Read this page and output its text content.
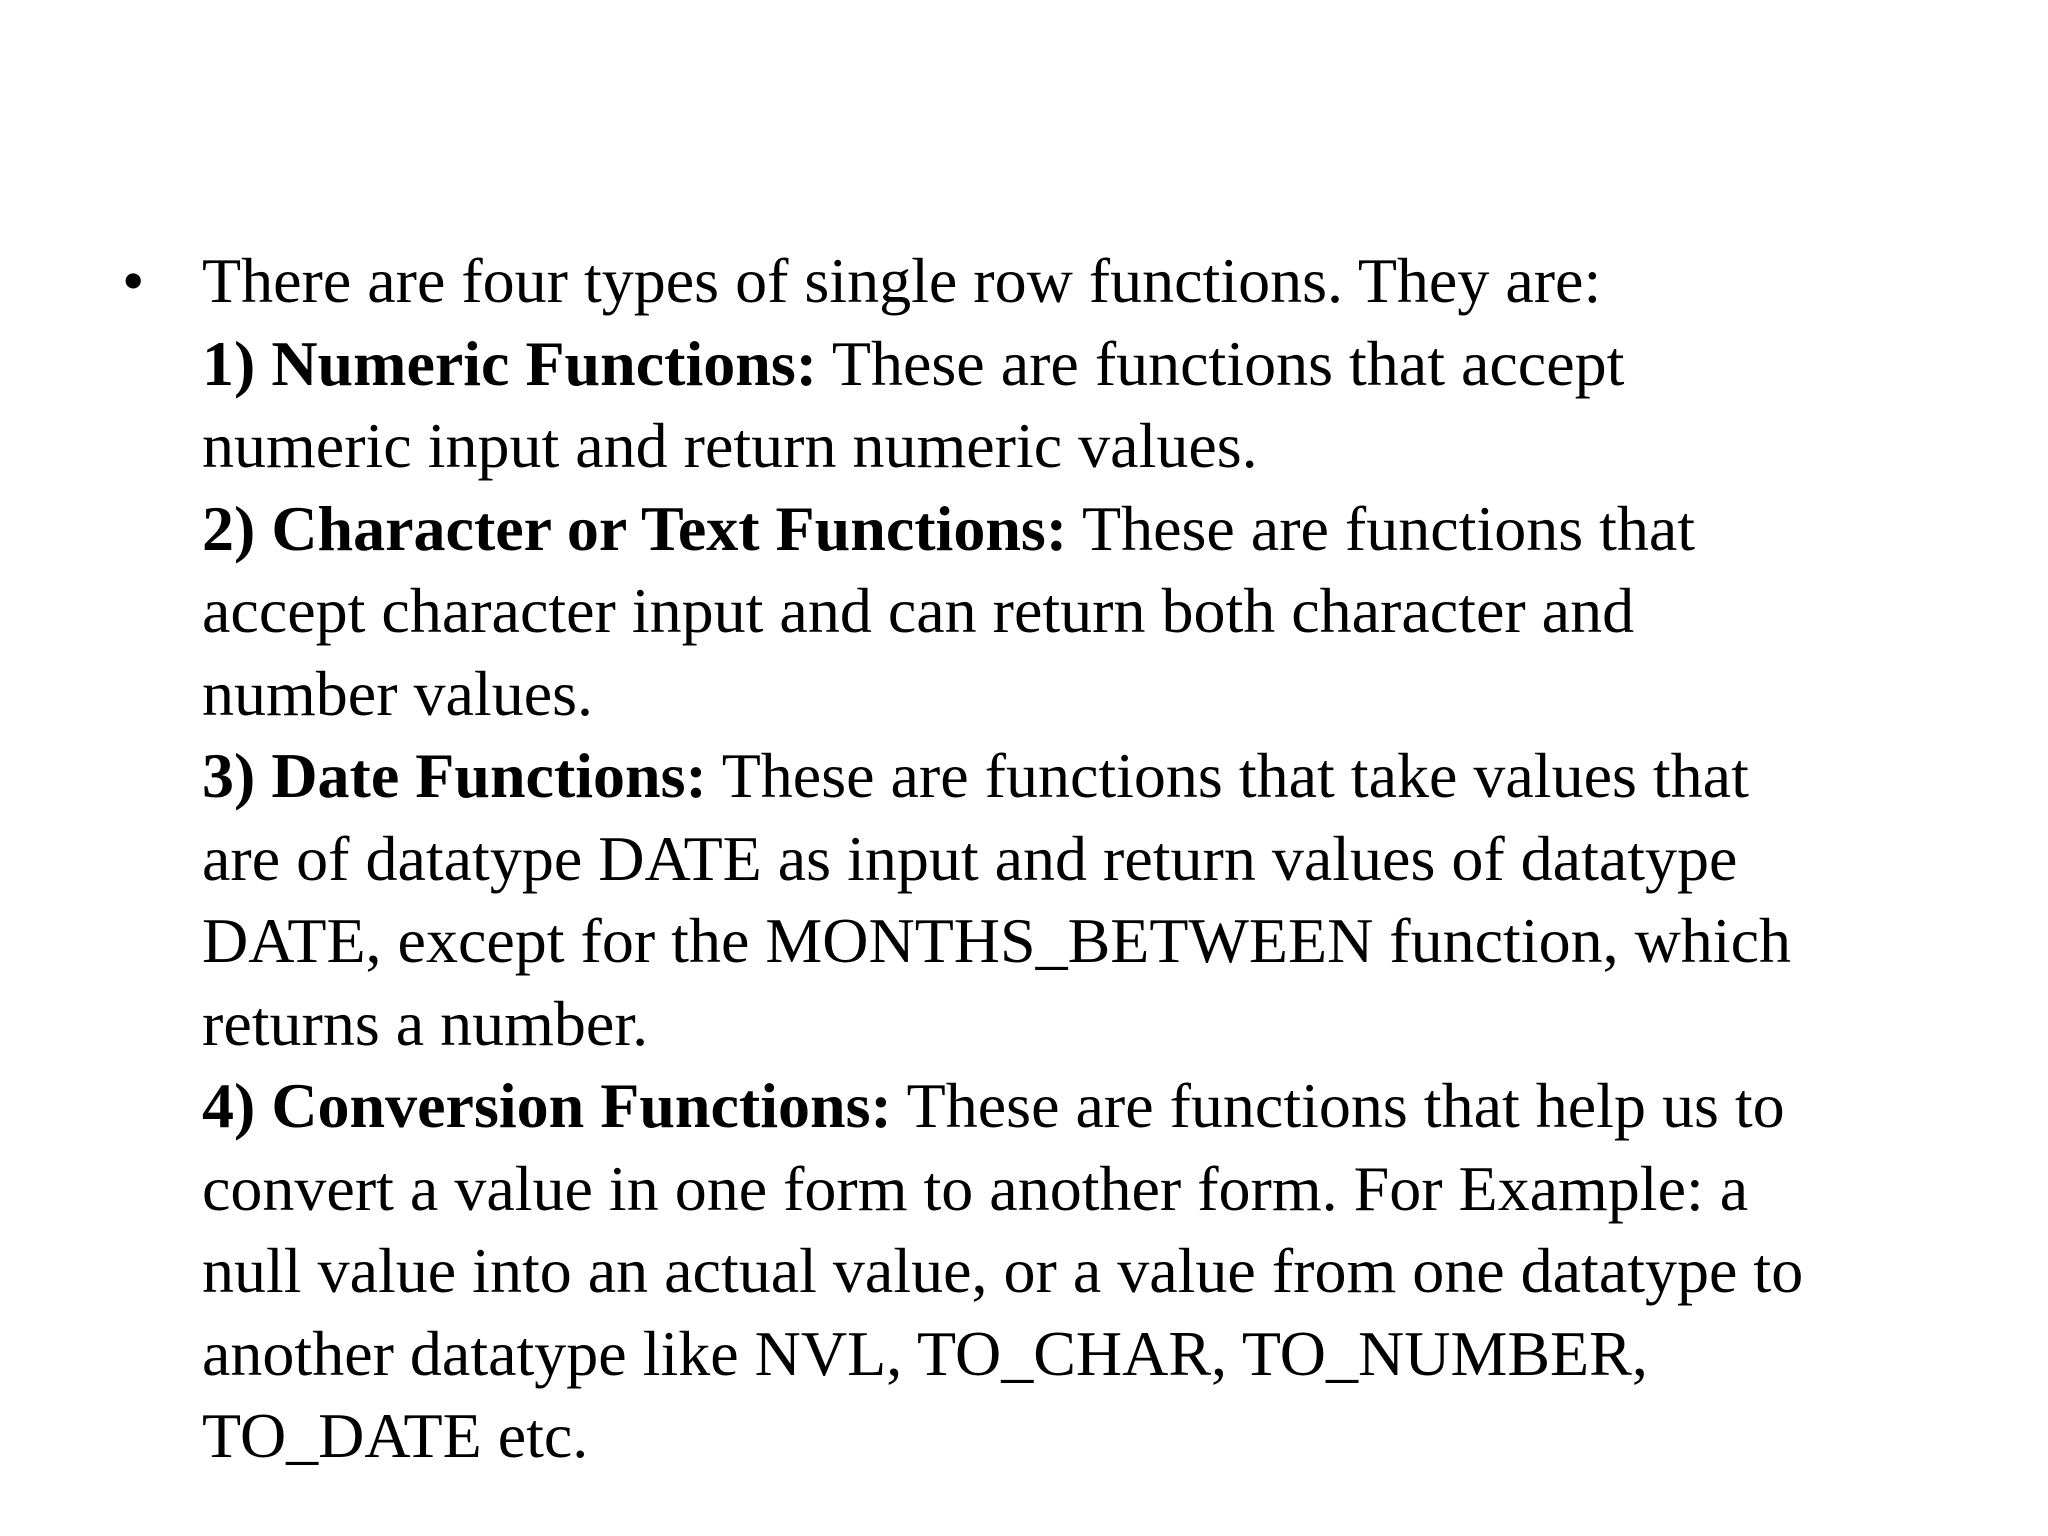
• There are four types of single row functions. They are:
1) Numeric Functions: These are functions that accept
numeric input and return numeric values.
2) Character or Text Functions: These are functions that
accept character input and can return both character and
number values.
3) Date Functions: These are functions that take values that
are of datatype DATE as input and return values of datatype
DATE, except for the MONTHS_BETWEEN function, which
returns a number.
4) Conversion Functions: These are functions that help us to
convert a value in one form to another form. For Example: a
null value into an actual value, or a value from one datatype to
another datatype like NVL, TO_CHAR, TO_NUMBER,
TO_DATE etc.
